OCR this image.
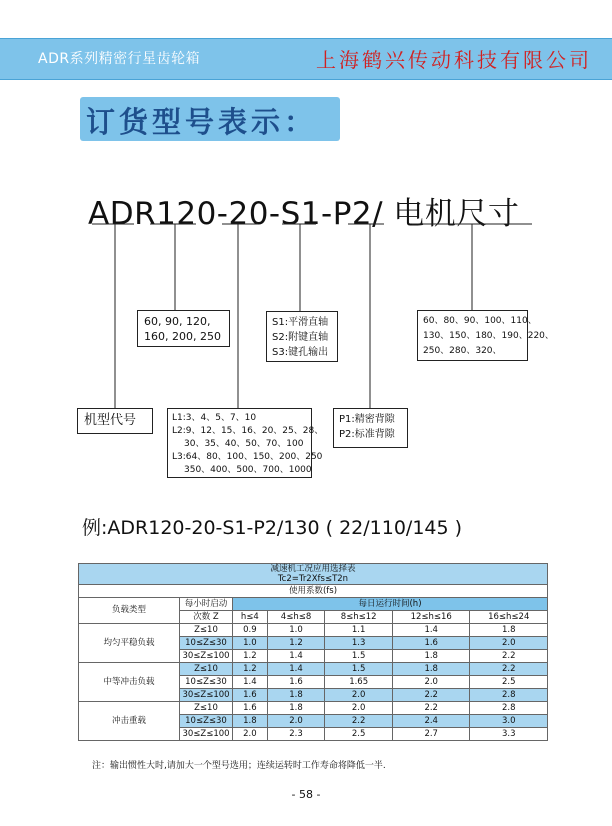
ADR系列精密行星齿轮箱	上海鹤兴传动科技有限公司
订货型号表示：
ADR120-20-S1-P2/ 电机尺寸
60, 90, 120,
160, 200, 250
S1:平滑直轴
S2:附键直轴
S3:键孔输出
60、80、90、100、110、
130、150、180、190、220、
250、280、320、
机型代号	L1:3、4、5、7、10
L2:9、12、15、16、20、25、28、
30、35、40、50、70、100
L3:64、80、100、150、200、250
350、400、500、700、1000
P1:精密背隙
P2:标准背隙
例:ADR120-20-S1-P2/130 ( 22/110/145 )
减速机工况应用选择表
Tc2=Tr2Xfs≤T2n						

使用系数(fs)						
负载类型	每小时启动	每日运行时间(h)				
	次数 Z	h≤4	4≤h≤8	8≤h≤12	12≤h≤16	16≤h≤24
均匀平稳负载	Z≤10	0.9	1.0	1.1	1.4	1.8
	10≤Z≤30	1.0	1.2	1.3	1.6	2.0
	30≤Z≤100	1.2	1.4	1.5	1.8	2.2
中等冲击负载	Z≤10	1.2	1.4	1.5	1.8	2.2
	10≤Z≤30	1.4	1.6	1.65	2.0	2.5
	30≤Z≤100	1.6	1.8	2.0	2.2	2.8
冲击重载	Z≤10	1.6	1.8	2.0	2.2	2.8
	10≤Z≤30	1.8	2.0	2.2	2.4	3.0
	30≤Z≤100	2.0	2.3	2.5	2.7	3.3
注：输出惯性大时,请加大一个型号选用；连续运转时工作寿命将降低一半.
- 58 -
